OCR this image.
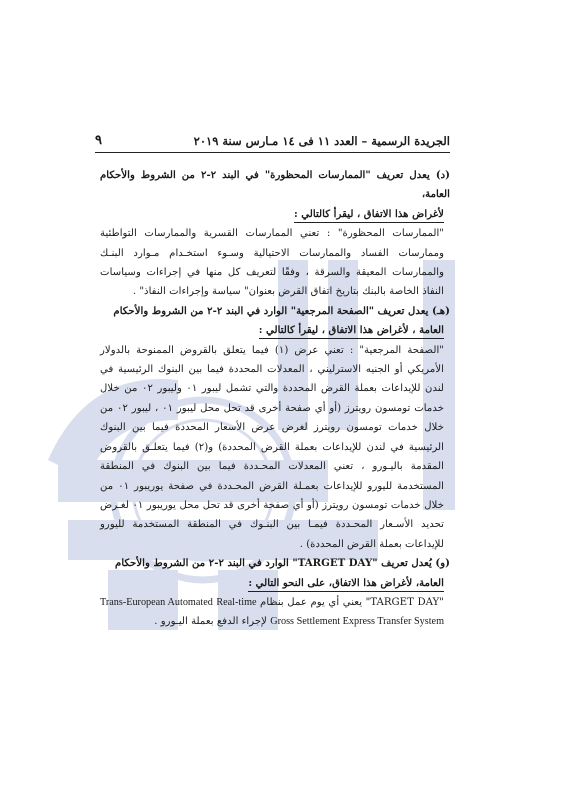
الجريدة الرسمية – العدد ١١ فى ١٤ مـارس سنة ٢٠١٩
٩

(د) يعدل تعريف "الممارسات المحظورة" في البند ٢-٢ من الشروط والأحكام العامة،

لأغراض هذا الاتفاق ، ليقرأ كالتالي :

"الممارسات المحظورة" : تعني الممارسات القسرية والممارسات التواطئية وممارسات الفساد والممارسات الاحتيالية وسـوء استخـدام مـوارد البنـك والممارسات المعيقة والسرقة ، وفقًا لتعريف كل منها في إجراءات وسياسات النفاذ الخاصة بالبنك بتاريخ اتفاق القرض بعنوان" سياسة وإجراءات النفاذ" .

(هـ) يعدل تعريف "الصفحة المرجعية" الوارد في البند ٢-٢ من الشروط والأحكام

العامة ، لأغراض هذا الاتفاق ، ليقرأ كالتالي :

"الصفحة المرجعية" : تعني عرض (١) فيما يتعلق بالقروض الممنوحة بالدولار الأمريكي أو الجنيه الاسترليني ، المعدلات المحددة فيما بين البنوك الرئيسية في لندن للإيداعات بعملة القرض المحددة والتي تشمل ليبور ٠١ وليبور ٠٢ من خلال خدمات تومسون رويترز (أو أي صفحة أخرى قد تحل محل ليبور ٠١ ، ليبور ٠٢ من خلال خدمات تومسون رويترز لغرض عرض الأسعار المحددة فيما بين البنوك الرئيسية في لندن للإيداعات بعملة القرض المحددة) و(٢) فيما يتعلـق بالقروض المقدمة باليـورو ، تعني المعدلات المحـددة فيما بين البنوك في المنطقة المستخدمة لليورو للإيداعات بعمـلة القرض المحـددة في صفحة يوريبور ٠١ من خلال خدمات تومسون رويترز (أو أي صفحة أخرى قد تحل محل يوريبور ٠١ لغـرض تحديد الأسـعار المحـددة فيمـا بين البنـوك في المنطقة المستخدمة لليورو للإيداعات بعملة القرض المحددة) .

(و) يُعدل تعريف "TARGET DAY" الوارد في البند ٢-٢ من الشروط والأحكام

العامة، لأغراض هذا الاتفاق، على النحو التالي :

"TARGET DAY" يعني أي يوم عمل بنظام Trans-European Automated Real-time Gross Settlement Express Transfer System لإجراء الدفع بعملة اليـورو .
